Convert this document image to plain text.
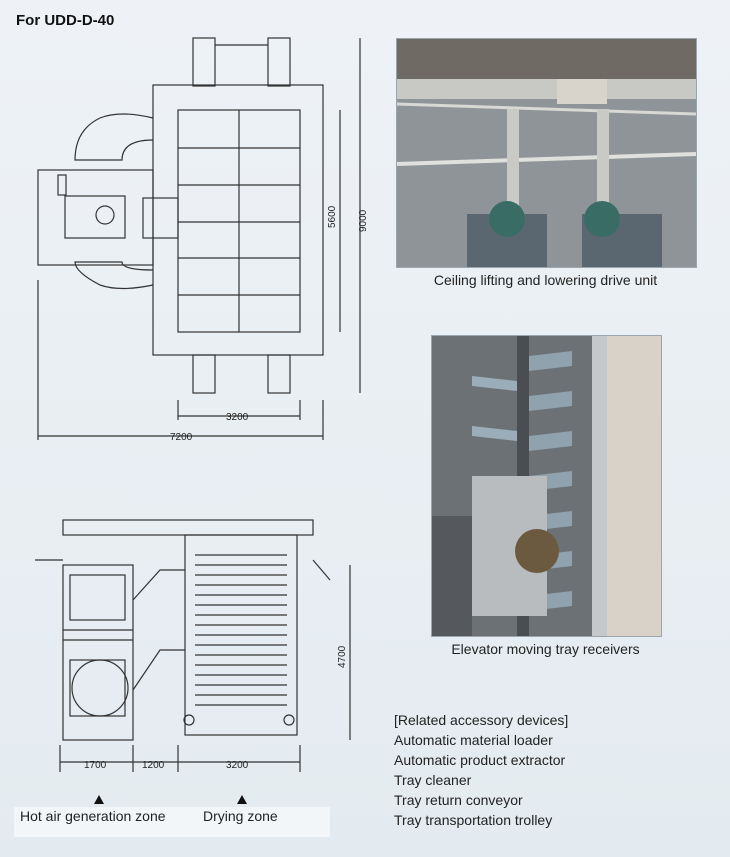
For UDD-D-40
5600 9000
3200
7200
4700
1700	1200	3200
Ceiling lifting and lowering drive unit
Elevator moving tray receivers
Hot air generation zone	Drying zone
[Related accessory devices]
Automatic material loader
Automatic product extractor
Tray cleaner
Tray return conveyor
Tray transportation trolley
